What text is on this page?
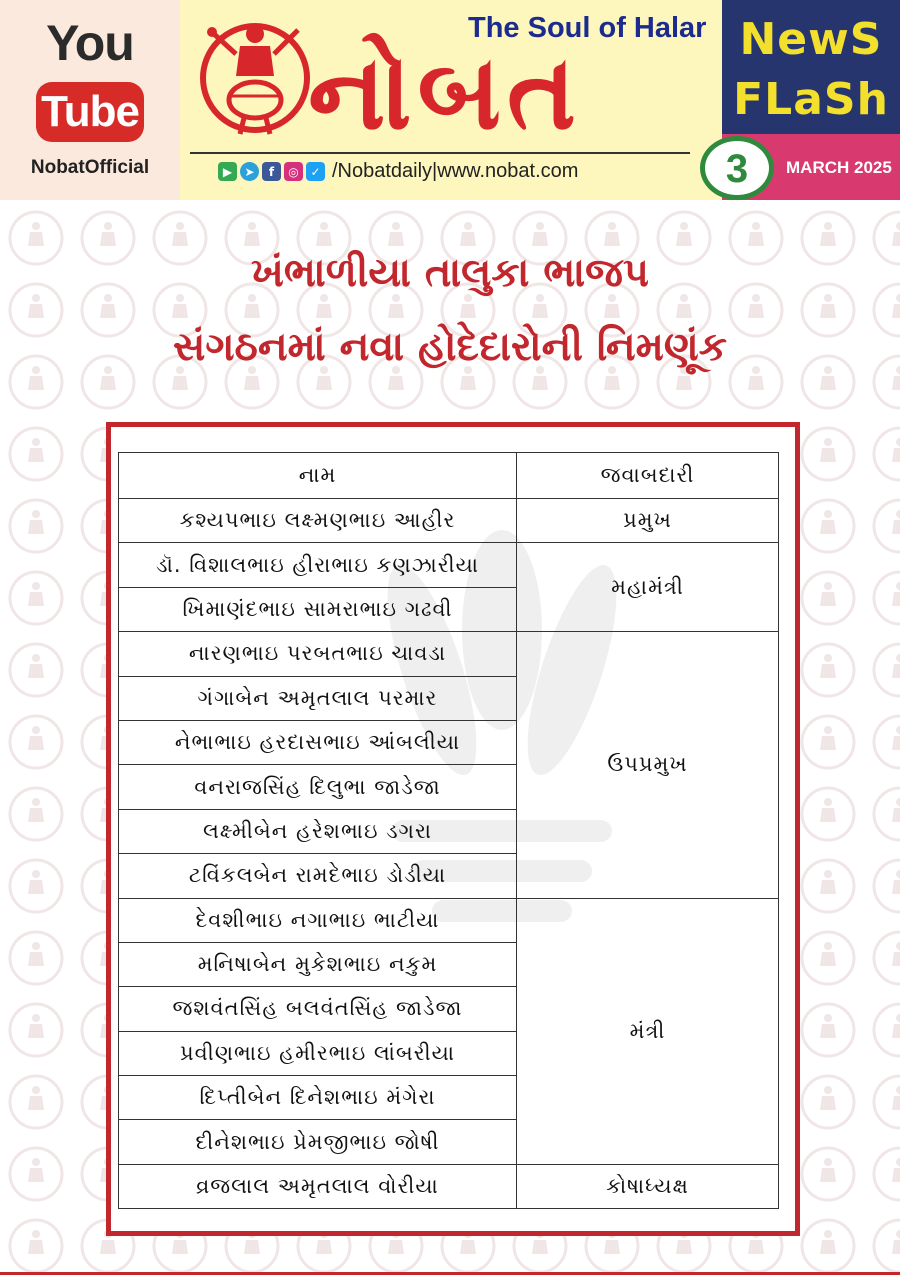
You
Tube
NobatOfficial
The Soul of Halar
નોબત
▶	➤	f	◎ ✓ /Nobatdaily|www.nobat.com
NewS
FLaSh
MARCH 2025
3
ખંભાળીયા તાલુકા ભાજપ
સંગઠનમાં નવા હોદેદારોની નિમણૂંક
નામ	જવાબદારી
કશ્યપભાઇ લક્ષ્મણભાઇ આહીર	પ્રમુખ
ડૉ. વિશાલભાઇ હીરાભાઇ કણઝારીયા	મહામંત્રી
ખિમાણંદભાઇ સામરાભાઇ ગઢવી	
નારણભાઇ પરબતભાઇ ચાવડા	ઉપપ્રમુખ
ગંગાબેન અમૃતલાલ પરમાર	
નેભાભાઇ હરદાસભાઇ આંબલીયા	
વનરાજસિંહ દિલુભા જાડેજા	
લક્ષ્મીબેન હરેશભાઇ ડગરા	
ટવિંકલબેન રામદેભાઇ ડોડીયા	
દેવશીભાઇ નગાભાઇ ભાટીયા	મંત્રી
મનિષાબેન મુકેશભાઇ નકુમ	
જશવંતસિંહ બલવંતસિંહ જાડેજા	
પ્રવીણભાઇ હમીરભાઇ લાંબરીયા	
દિપ્તીબેન દિનેશભાઇ મંગેરા	
દીનેશભાઇ પ્રેમજીભાઇ જોષી	
વ્રજલાલ અમૃતલાલ વોરીયા	કોષાધ્યક્ષ
